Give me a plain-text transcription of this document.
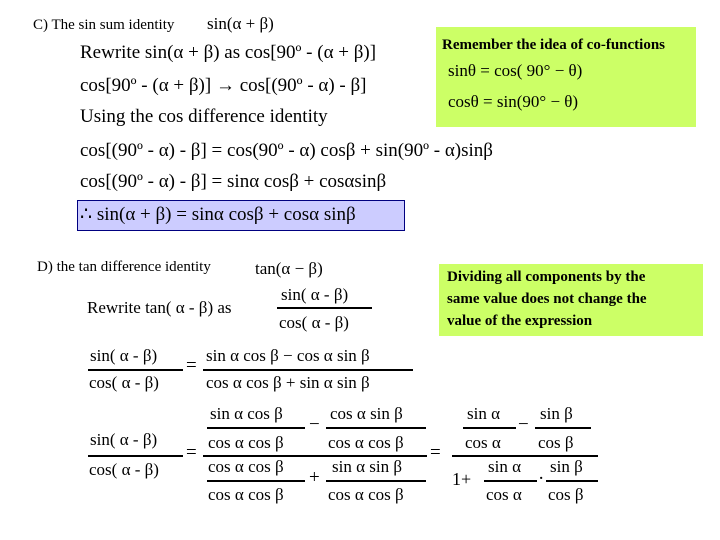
C) The sin sum identity sin(α + β)
Rewrite sin(α + β) as cos[90º - (α + β)]
cos[90º - (α + β)] → cos[(90º - α) - β]
Using the cos difference identity
Remember the idea of co-functions
sinθ = cos( 90° − θ)
cosθ = sin(90° − θ)
cos[(90º - α) - β] = cos(90º - α) cosβ + sin(90º - α)sinβ
cos[(90º - α) - β] = sinα cosβ + cosαsinβ
∴ sin(α + β) = sinα cosβ + cosα sinβ
D) the tan difference identity	tan(α − β)
Rewrite tan( α - β) as
sin( α - β)
cos( α - β)
Dividing all components by the
same value does not change the
value of the expression
sin( α - β)
cos( α - β)
= sin α cos β − cos α sin β
cos α cos β + sin α sin β
sin( α - β)
cos( α - β)
=
sin α cos β
cos α cos β
−
cos α sin β
cos α cos β
cos α cos β
cos α cos β
+
sin α sin β
cos α cos β
=
sin α
cos α
−
sin β
cos β
1+
sin α
cos α
·
sin β
cos β
